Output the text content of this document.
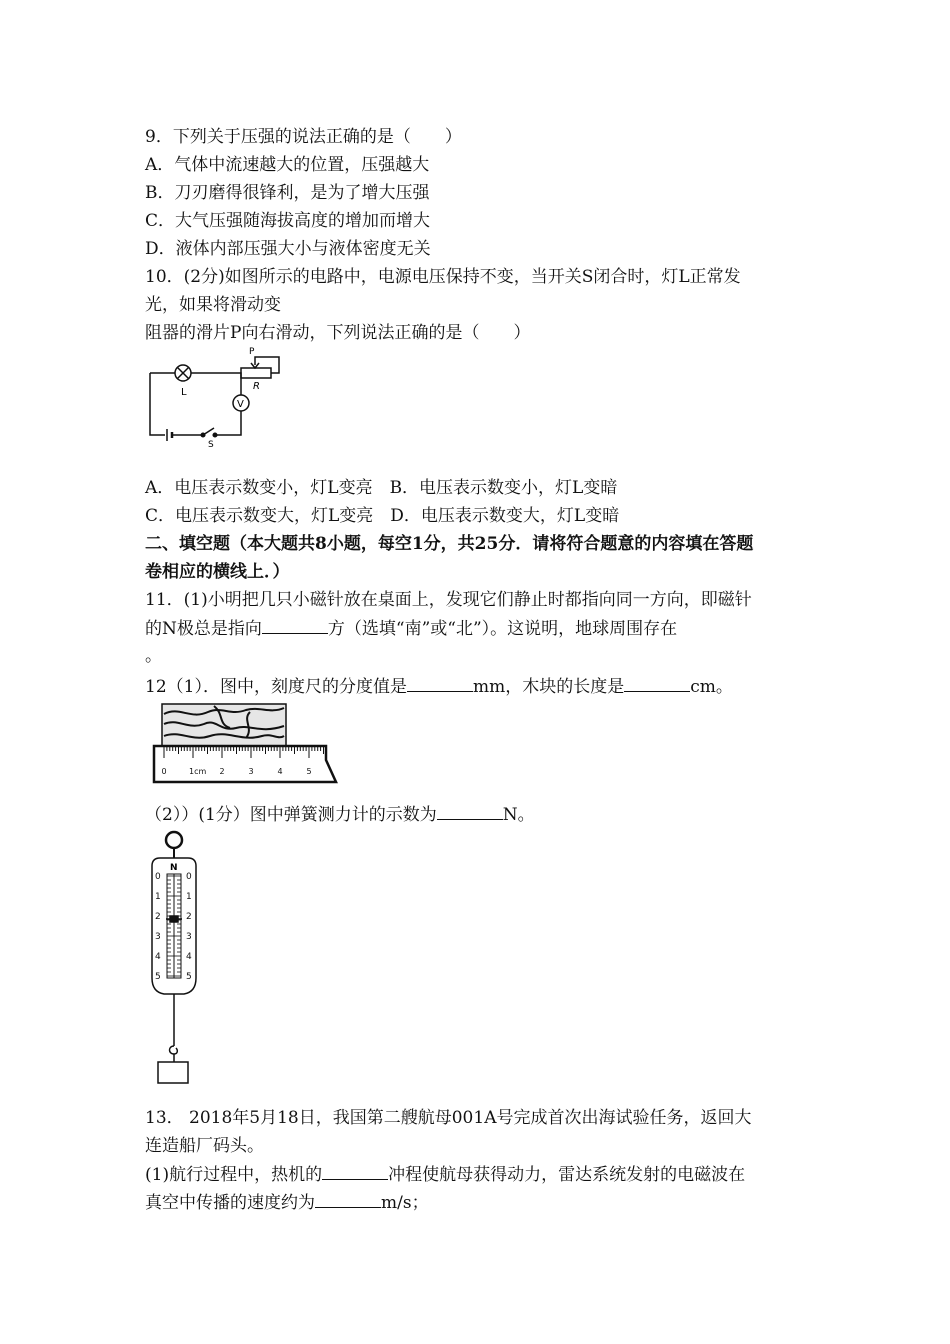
9．下列关于压强的说法正确的是（　　）
A．气体中流速越大的位置，压强越大
B．刀刃磨得很锋利，是为了增大压强
C．大气压强随海拔高度的增加而增大
D．液体内部压强大小与液体密度无关
10．(2分)如图所示的电路中，电源电压保持不变，当开关S闭合时，灯L正常发
光，如果将滑动变
阻器的滑片P向右滑动，下列说法正确的是（　　）
L
P
R
V
S
A．电压表示数变小，灯L变亮　B．电压表示数变小，灯L变暗
C．电压表示数变大，灯L变亮　D．电压表示数变大，灯L变暗
二、填空题（本大题共8小题，每空1分，共25分．请将符合题意的内容填在答题
卷相应的横线上．）
11．(1)小明把几只小磁针放在桌面上，发现它们静止时都指向同一方向，即磁针
的N极总是指向	方（选填“南”或“北”）。这说明，地球周围存在
。
12（1）．图中，刻度尺的分度值是	mm，木块的长度是	cm。
0	1cm 2	3	4	5
（2））(1分）图中弹簧测力计的示数为	N。
N
0	0
1	1
2	2
3	3
4	4
5	5
13． 2018年5月18日，我国第二艘航母001A号完成首次出海试验任务，返回大
连造船厂码头。
(1)航行过程中，热机的	冲程使航母获得动力，雷达系统发射的电磁波在
真空中传播的速度约为	m/s；
